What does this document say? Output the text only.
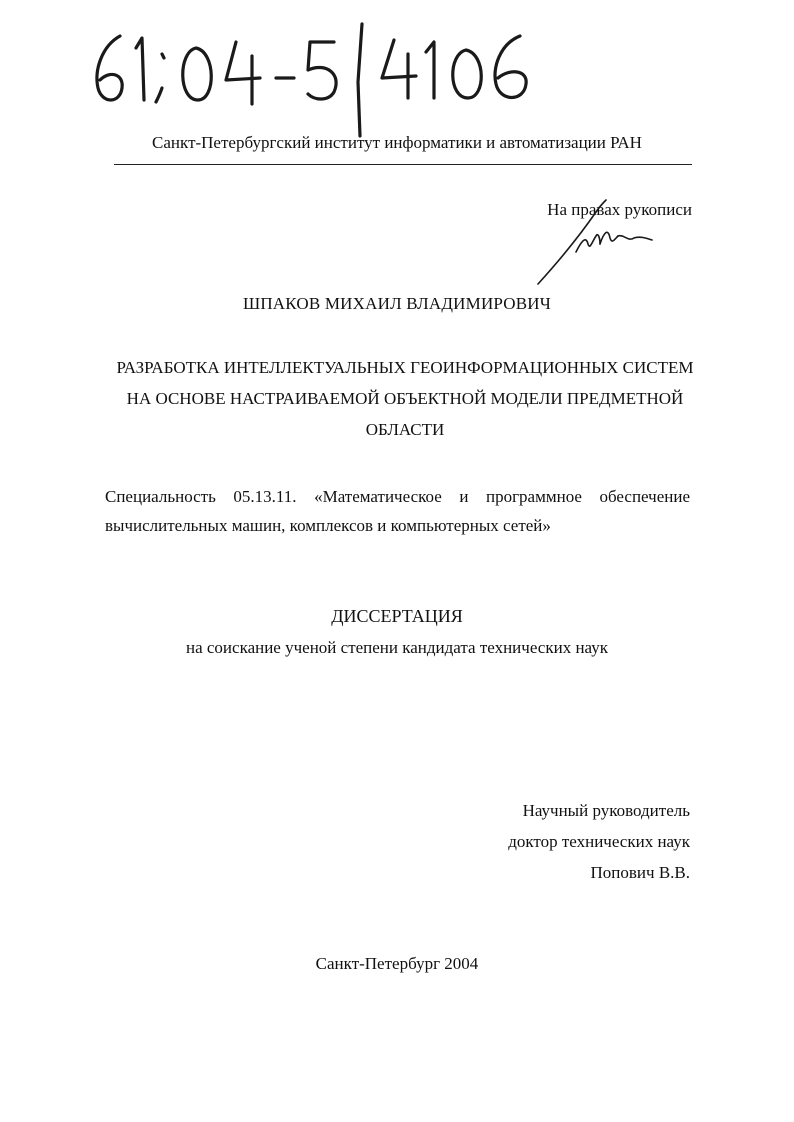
Санкт-Петербургский институт информатики и автоматизации РАН
На правах рукописи
ШПАКОВ МИХАИЛ ВЛАДИМИРОВИЧ
РАЗРАБОТКА ИНТЕЛЛЕКТУАЛЬНЫХ ГЕОИНФОРМАЦИОННЫХ СИСТЕМ
НА ОСНОВЕ НАСТРАИВАЕМОЙ ОБЪЕКТНОЙ МОДЕЛИ ПРЕДМЕТНОЙ
ОБЛАСТИ
Специальность 05.13.11. «Математическое и программное обеспечение
вычислительных машин, комплексов и компьютерных сетей»
ДИССЕРТАЦИЯ
на соискание ученой степени кандидата технических наук
Научный руководитель
доктор технических наук
Попович В.В.
Санкт-Петербург 2004
